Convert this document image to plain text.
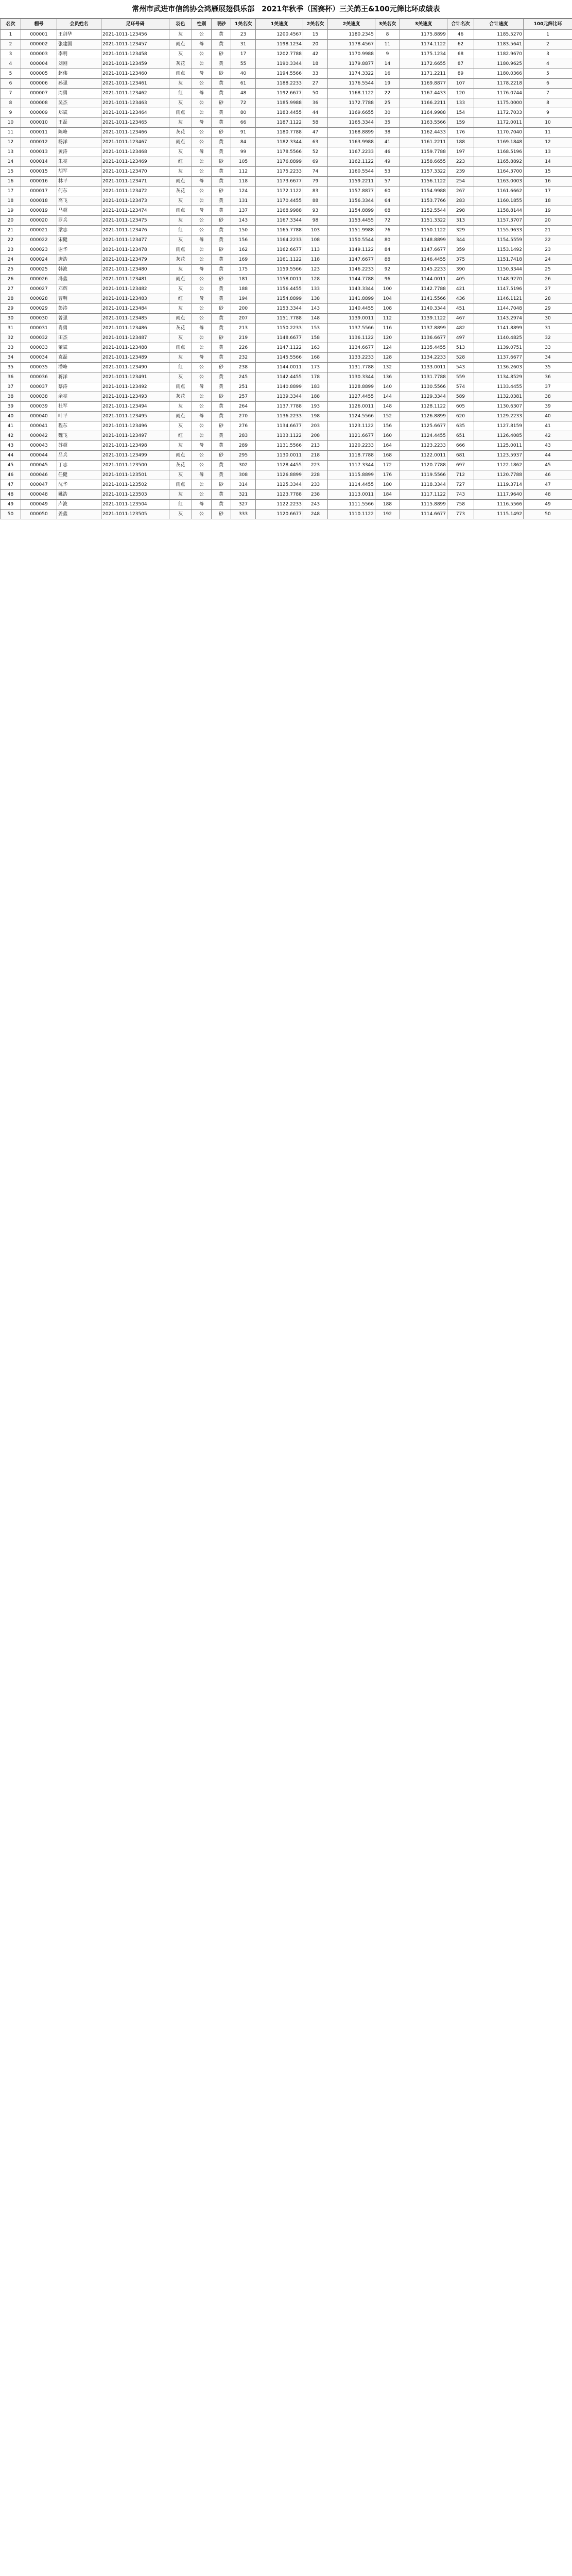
常州市武进市信鸽协会鸿雁展翅俱乐部　2021年秋季（国赛杯）三关鸽王&100元筛比环成绩表
名次	棚号	会员姓名	足环号码	羽色	性别	眼砂	1关名次	1关速度	2关名次	2关速度	3关名次	3关速度	合计名次	合计速度	100元筛比环
1	000001	王剑华	2021-1011-123456	灰	公	黄	23	1200.4567	15	1180.2345	8	1175.8899	46	1185.5270	1
2	000002	张建国	2021-1011-123457	雨点	母	黄	31	1198.1234	20	1178.4567	11	1174.1122	62	1183.5641	2
3	000003	李明	2021-1011-123458	灰	公	砂	17	1202.7788	42	1170.9988	9	1175.1234	68	1182.9670	3
4	000004	刘刚	2021-1011-123459	灰花	公	黄	55	1190.3344	18	1179.8877	14	1172.6655	87	1180.9625	4
5	000005	赵伟	2021-1011-123460	雨点	母	砂	40	1194.5566	33	1174.3322	16	1171.2211	89	1180.0366	5
6	000006	孙强	2021-1011-123461	灰	公	黄	61	1188.2233	27	1176.5544	19	1169.8877	107	1178.2218	6
7	000007	周勇	2021-1011-123462	红	母	黄	48	1192.6677	50	1168.1122	22	1167.4433	120	1176.0744	7
8	000008	吴杰	2021-1011-123463	灰	公	砂	72	1185.9988	36	1172.7788	25	1166.2211	133	1175.0000	8
9	000009	郑斌	2021-1011-123464	雨点	公	黄	80	1183.4455	44	1169.6655	30	1164.9988	154	1172.7033	9
10	000010	王磊	2021-1011-123465	灰	母	黄	66	1187.1122	58	1165.3344	35	1163.5566	159	1172.0011	10
11	000011	陈峰	2021-1011-123466	灰花	公	砂	91	1180.7788	47	1168.8899	38	1162.4433	176	1170.7040	11
12	000012	杨洋	2021-1011-123467	雨点	公	黄	84	1182.3344	63	1163.9988	41	1161.2211	188	1169.1848	12
13	000013	黄涛	2021-1011-123468	灰	母	黄	99	1178.5566	52	1167.2233	46	1159.7788	197	1168.5196	13
14	000014	朱亮	2021-1011-123469	红	公	砂	105	1176.8899	69	1162.1122	49	1158.6655	223	1165.8892	14
15	000015	胡军	2021-1011-123470	灰	公	黄	112	1175.2233	74	1160.5544	53	1157.3322	239	1164.3700	15
16	000016	林平	2021-1011-123471	雨点	母	黄	118	1173.6677	79	1159.2211	57	1156.1122	254	1163.0003	16
17	000017	何东	2021-1011-123472	灰花	公	砂	124	1172.1122	83	1157.8877	60	1154.9988	267	1161.6662	17
18	000018	高飞	2021-1011-123473	灰	公	黄	131	1170.4455	88	1156.3344	64	1153.7766	283	1160.1855	18
19	000019	马超	2021-1011-123474	雨点	母	黄	137	1168.9988	93	1154.8899	68	1152.5544	298	1158.8144	19
20	000020	罗兵	2021-1011-123475	灰	公	砂	143	1167.3344	98	1153.4455	72	1151.3322	313	1157.3707	20
21	000021	梁志	2021-1011-123476	红	公	黄	150	1165.7788	103	1151.9988	76	1150.1122	329	1155.9633	21
22	000022	宋健	2021-1011-123477	灰	母	黄	156	1164.2233	108	1150.5544	80	1148.8899	344	1154.5559	22
23	000023	谢华	2021-1011-123478	雨点	公	砂	162	1162.6677	113	1149.1122	84	1147.6677	359	1153.1492	23
24	000024	唐浩	2021-1011-123479	灰花	公	黄	169	1161.1122	118	1147.6677	88	1146.4455	375	1151.7418	24
25	000025	韩波	2021-1011-123480	灰	母	黄	175	1159.5566	123	1146.2233	92	1145.2233	390	1150.3344	25
26	000026	冯鑫	2021-1011-123481	雨点	公	砂	181	1158.0011	128	1144.7788	96	1144.0011	405	1148.9270	26
27	000027	邓辉	2021-1011-123482	灰	公	黄	188	1156.4455	133	1143.3344	100	1142.7788	421	1147.5196	27
28	000028	曹明	2021-1011-123483	红	母	黄	194	1154.8899	138	1141.8899	104	1141.5566	436	1146.1121	28
29	000029	彭涛	2021-1011-123484	灰	公	砂	200	1153.3344	143	1140.4455	108	1140.3344	451	1144.7048	29
30	000030	曾强	2021-1011-123485	雨点	公	黄	207	1151.7788	148	1139.0011	112	1139.1122	467	1143.2974	30
31	000031	肖勇	2021-1011-123486	灰花	母	黄	213	1150.2233	153	1137.5566	116	1137.8899	482	1141.8899	31
32	000032	田杰	2021-1011-123487	灰	公	砂	219	1148.6677	158	1136.1122	120	1136.6677	497	1140.4825	32
33	000033	董斌	2021-1011-123488	雨点	公	黄	226	1147.1122	163	1134.6677	124	1135.4455	513	1139.0751	33
34	000034	袁磊	2021-1011-123489	灰	母	黄	232	1145.5566	168	1133.2233	128	1134.2233	528	1137.6677	34
35	000035	潘峰	2021-1011-123490	红	公	砂	238	1144.0011	173	1131.7788	132	1133.0011	543	1136.2603	35
36	000036	蒋洋	2021-1011-123491	灰	公	黄	245	1142.4455	178	1130.3344	136	1131.7788	559	1134.8529	36
37	000037	蔡涛	2021-1011-123492	雨点	母	黄	251	1140.8899	183	1128.8899	140	1130.5566	574	1133.4455	37
38	000038	余亮	2021-1011-123493	灰花	公	砂	257	1139.3344	188	1127.4455	144	1129.3344	589	1132.0381	38
39	000039	杜军	2021-1011-123494	灰	公	黄	264	1137.7788	193	1126.0011	148	1128.1122	605	1130.6307	39
40	000040	叶平	2021-1011-123495	雨点	母	黄	270	1136.2233	198	1124.5566	152	1126.8899	620	1129.2233	40
41	000041	程东	2021-1011-123496	灰	公	砂	276	1134.6677	203	1123.1122	156	1125.6677	635	1127.8159	41
42	000042	魏飞	2021-1011-123497	红	公	黄	283	1133.1122	208	1121.6677	160	1124.4455	651	1126.4085	42
43	000043	苏超	2021-1011-123498	灰	母	黄	289	1131.5566	213	1120.2233	164	1123.2233	666	1125.0011	43
44	000044	吕兵	2021-1011-123499	雨点	公	砂	295	1130.0011	218	1118.7788	168	1122.0011	681	1123.5937	44
45	000045	丁志	2021-1011-123500	灰花	公	黄	302	1128.4455	223	1117.3344	172	1120.7788	697	1122.1862	45
46	000046	任健	2021-1011-123501	灰	母	黄	308	1126.8899	228	1115.8899	176	1119.5566	712	1120.7788	46
47	000047	沈华	2021-1011-123502	雨点	公	砂	314	1125.3344	233	1114.4455	180	1118.3344	727	1119.3714	47
48	000048	姚浩	2021-1011-123503	灰	公	黄	321	1123.7788	238	1113.0011	184	1117.1122	743	1117.9640	48
49	000049	卢波	2021-1011-123504	红	母	黄	327	1122.2233	243	1111.5566	188	1115.8899	758	1116.5566	49
50	000050	姜鑫	2021-1011-123505	灰	公	砂	333	1120.6677	248	1110.1122	192	1114.6677	773	1115.1492	50
